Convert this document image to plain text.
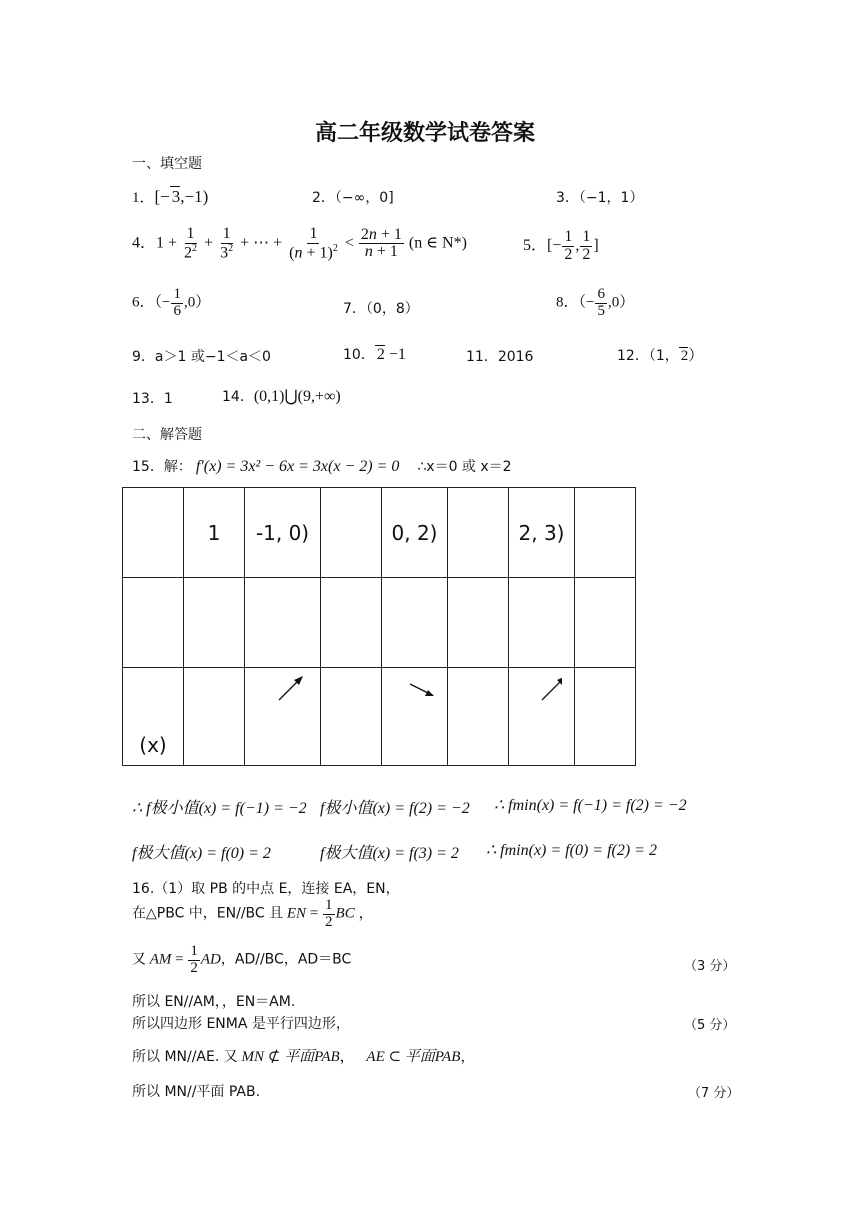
高二年级数学试卷答案
一、填空题
1．[− 3,−1)	2．（−∞，0]	3．（−1，1）
4．$1 + \frac{1}{2^2} + \frac{1}{3^2}$ + ⋯ + $\frac{1}{(n + 1)^2} < \frac{2n + 1}{n + 1} (n$ ∈ N*)	5．[− $\frac{1}{2}$ , $\frac{1}{2}$ ]
6．（− $\frac{1}{6} ,0$）	7．（0，8）	8．（− $\frac{6}{5} ,0$）
9．a＞1 或−1＜a＜0	10． 2 −1	11．2016	12．（1， 2）
13．1	14．(0,1)⋃(9,+∞)
二、解答题
15．解： f′(x) = 3x² − 6x = 3x(x − 2) = 0 ∴x＝0 或 x＝2
	1	-1, 0)		0, 2)		2, 3)	

(x)							
∴ f极小值(x) = f(−1) = −2 f极小值(x) = f(2) = −2 ∴ fmin(x) = f(−1) = f(2) = −2
f极大值(x) = f(0) = 2	f极大值(x) = f(3) = 2 ∴ fmin(x) = f(0) = f(2) = 2
16.（1）取 PB 的中点 E，连接 EA，EN，
在△PBC 中，EN//BC 且 EN = $\frac{1}{2}$ BC ，
又 AM = $\frac{1}{2}$ AD，AD//BC，AD＝BC	（3 分）
所以 EN//AM，，EN＝AM.
所以四边形 ENMA 是平行四边形，	（5 分）
所以 MN//AE. 又 MN ⊄ 平面PAB， AE ⊂ 平面PAB，
所以 MN//平面 PAB.	（7 分）
